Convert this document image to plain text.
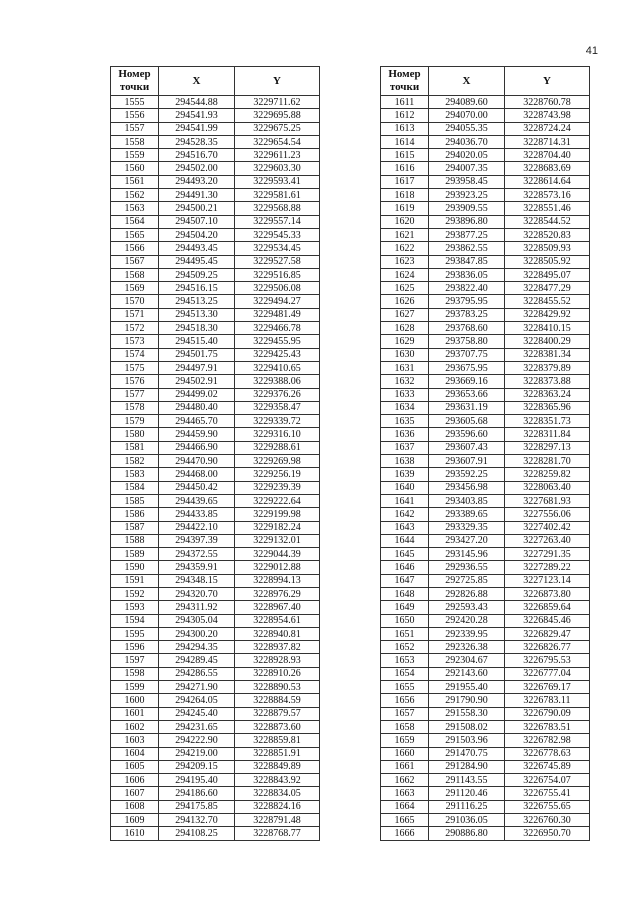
41
Номер
точки	X	Y
1555	294544.88	3229711.62
1556	294541.93	3229695.88
1557	294541.99	3229675.25
1558	294528.35	3229654.54
1559	294516.70	3229611.23
1560	294502.00	3229603.30
1561	294493.20	3229593.41
1562	294491.30	3229581.61
1563	294500.21	3229568.88
1564	294507.10	3229557.14
1565	294504.20	3229545.33
1566	294493.45	3229534.45
1567	294495.45	3229527.58
1568	294509.25	3229516.85
1569	294516.15	3229506.08
1570	294513.25	3229494.27
1571	294513.30	3229481.49
1572	294518.30	3229466.78
1573	294515.40	3229455.95
1574	294501.75	3229425.43
1575	294497.91	3229410.65
1576	294502.91	3229388.06
1577	294499.02	3229376.26
1578	294480.40	3229358.47
1579	294465.70	3229339.72
1580	294459.90	3229316.10
1581	294466.90	3229288.61
1582	294470.90	3229269.98
1583	294468.00	3229256.19
1584	294450.42	3229239.39
1585	294439.65	3229222.64
1586	294433.85	3229199.98
1587	294422.10	3229182.24
1588	294397.39	3229132.01
1589	294372.55	3229044.39
1590	294359.91	3229012.88
1591	294348.15	3228994.13
1592	294320.70	3228976.29
1593	294311.92	3228967.40
1594	294305.04	3228954.61
1595	294300.20	3228940.81
1596	294294.35	3228937.82
1597	294289.45	3228928.93
1598	294286.55	3228910.26
1599	294271.90	3228890.53
1600	294264.05	3228884.59
1601	294245.40	3228879.57
1602	294231.65	3228873.60
1603	294222.90	3228859.81
1604	294219.00	3228851.91
1605	294209.15	3228849.89
1606	294195.40	3228843.92
1607	294186.60	3228834.05
1608	294175.85	3228824.16
1609	294132.70	3228791.48
1610	294108.25	3228768.77
Номер
точки	X	Y
1611	294089.60	3228760.78
1612	294070.00	3228743.98
1613	294055.35	3228724.24
1614	294036.70	3228714.31
1615	294020.05	3228704.40
1616	294007.35	3228683.69
1617	293958.45	3228614.64
1618	293923.25	3228573.16
1619	293909.55	3228551.46
1620	293896.80	3228544.52
1621	293877.25	3228520.83
1622	293862.55	3228509.93
1623	293847.85	3228505.92
1624	293836.05	3228495.07
1625	293822.40	3228477.29
1626	293795.95	3228455.52
1627	293783.25	3228429.92
1628	293768.60	3228410.15
1629	293758.80	3228400.29
1630	293707.75	3228381.34
1631	293675.95	3228379.89
1632	293669.16	3228373.88
1633	293653.66	3228363.24
1634	293631.19	3228365.96
1635	293605.68	3228351.73
1636	293596.60	3228311.84
1637	293607.43	3228297.13
1638	293607.91	3228281.70
1639	293592.25	3228259.82
1640	293456.98	3228063.40
1641	293403.85	3227681.93
1642	293389.65	3227556.06
1643	293329.35	3227402.42
1644	293427.20	3227263.40
1645	293145.96	3227291.35
1646	292936.55	3227289.22
1647	292725.85	3227123.14
1648	292826.88	3226873.80
1649	292593.43	3226859.64
1650	292420.28	3226845.46
1651	292339.95	3226829.47
1652	292326.38	3226826.77
1653	292304.67	3226795.53
1654	292143.60	3226777.04
1655	291955.40	3226769.17
1656	291790.90	3226783.11
1657	291558.30	3226790.09
1658	291508.02	3226783.51
1659	291503.96	3226782.98
1660	291470.75	3226778.63
1661	291284.90	3226745.89
1662	291143.55	3226754.07
1663	291120.46	3226755.41
1664	291116.25	3226755.65
1665	291036.05	3226760.30
1666	290886.80	3226950.70
